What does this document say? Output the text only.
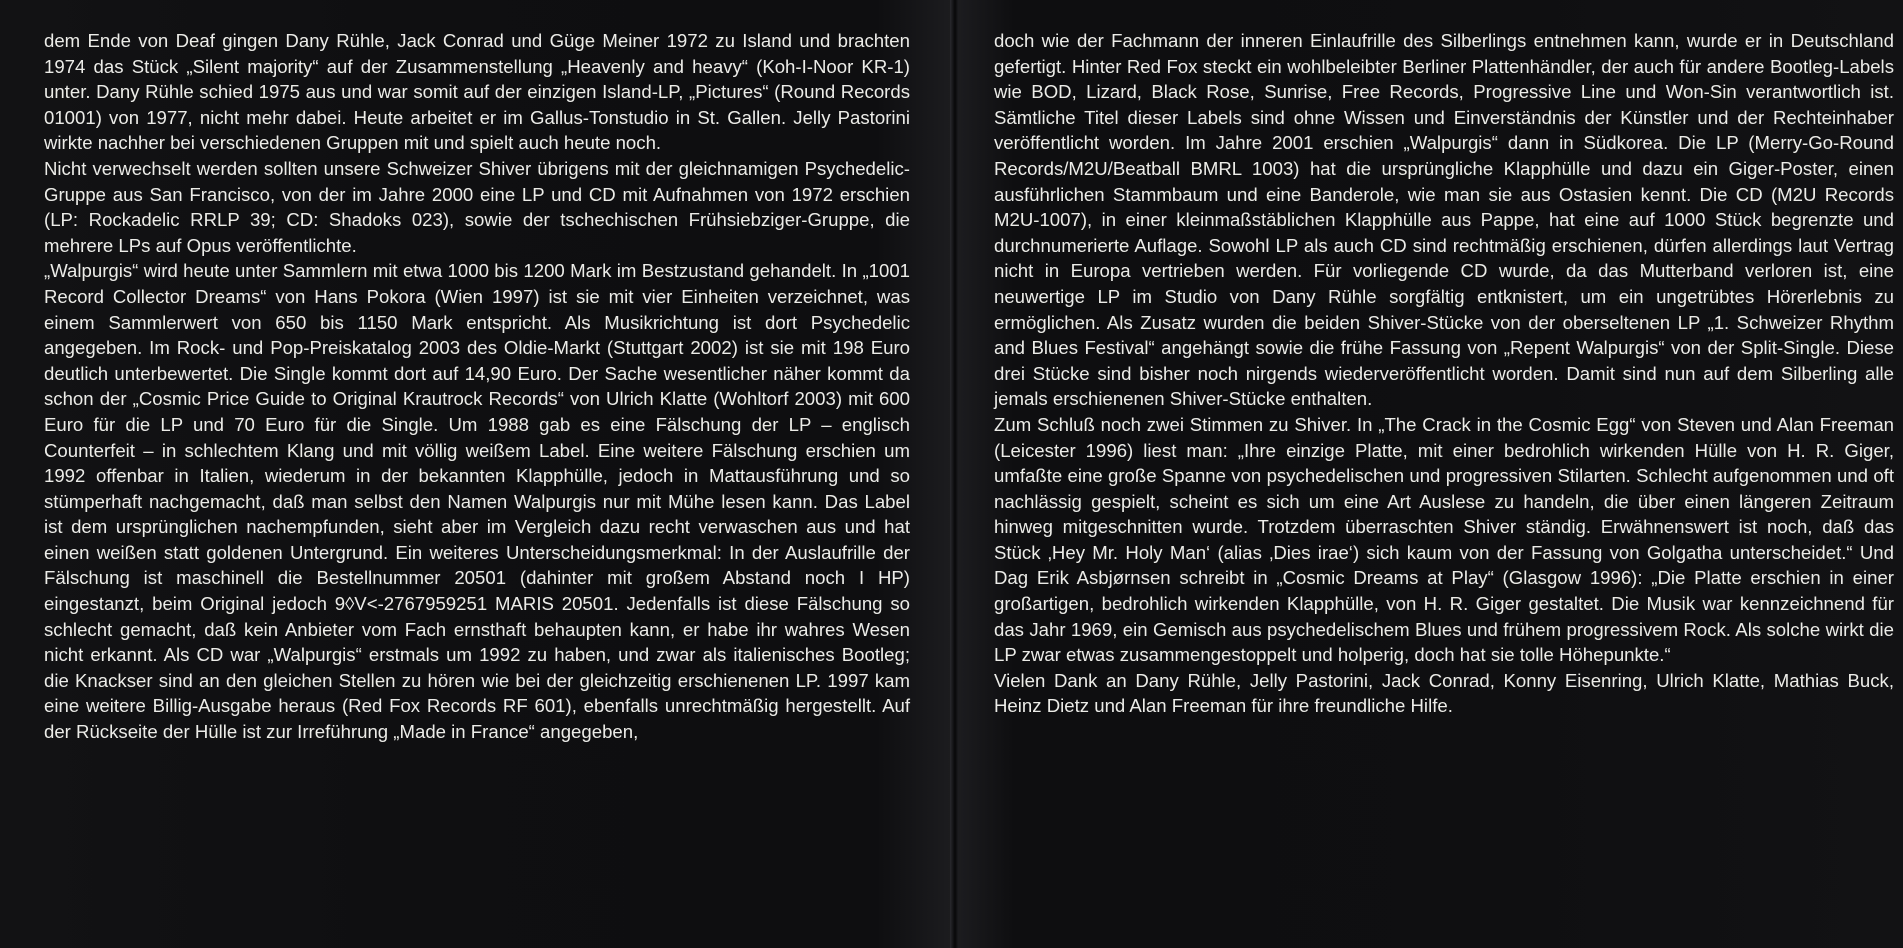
dem Ende von Deaf gingen Dany Rühle, Jack Conrad und Güge Meiner 1972 zu Island und brachten 1974 das Stück „Silent majority“ auf der Zusammenstellung „Heavenly and heavy“ (Koh-I-Noor KR-1) unter. Dany Rühle schied 1975 aus und war somit auf der einzigen Island-LP, „Pictures“ (Round Records 01001) von 1977, nicht mehr dabei. Heute arbeitet er im Gallus-Tonstudio in St. Gallen. Jelly Pastorini wirkte nachher bei verschiedenen Gruppen mit und spielt auch heute noch.

Nicht verwechselt werden sollten unsere Schweizer Shiver übrigens mit der gleichnamigen Psychedelic-Gruppe aus San Francisco, von der im Jahre 2000 eine LP und CD mit Aufnahmen von 1972 erschien (LP: Rockadelic RRLP 39; CD: Shadoks 023), sowie der tschechischen Frühsiebziger-Gruppe, die mehrere LPs auf Opus veröffentlichte.

„Walpurgis“ wird heute unter Sammlern mit etwa 1000 bis 1200 Mark im Bestzustand gehandelt. In „1001 Record Collector Dreams“ von Hans Pokora (Wien 1997) ist sie mit vier Einheiten verzeichnet, was einem Sammlerwert von 650 bis 1150 Mark entspricht. Als Musikrichtung ist dort Psychedelic angegeben. Im Rock- und Pop-Preiskatalog 2003 des Oldie-Markt (Stuttgart 2002) ist sie mit 198 Euro deutlich unterbewertet. Die Single kommt dort auf 14,90 Euro. Der Sache wesentlicher näher kommt da schon der „Cosmic Price Guide to Original Krautrock Records“ von Ulrich Klatte (Wohltorf 2003) mit 600 Euro für die LP und 70 Euro für die Single. Um 1988 gab es eine Fälschung der LP – englisch Counterfeit – in schlechtem Klang und mit völlig weißem Label. Eine weitere Fälschung erschien um 1992 offenbar in Italien, wiederum in der bekannten Klapphülle, jedoch in Mattausführung und so stümperhaft nachgemacht, daß man selbst den Namen Walpurgis nur mit Mühe lesen kann. Das Label ist dem ursprünglichen nachempfunden, sieht aber im Vergleich dazu recht verwaschen aus und hat einen weißen statt goldenen Untergrund. Ein weiteres Unterscheidungsmerkmal: In der Auslaufrille der Fälschung ist maschinell die Bestellnummer 20501 (dahinter mit großem Abstand noch I HP) eingestanzt, beim Original jedoch 9◊V<-2767959251 MARIS 20501. Jedenfalls ist diese Fälschung so schlecht gemacht, daß kein Anbieter vom Fach ernsthaft behaupten kann, er habe ihr wahres Wesen nicht erkannt. Als CD war „Walpurgis“ erstmals um 1992 zu haben, und zwar als italienisches Bootleg; die Knackser sind an den gleichen Stellen zu hören wie bei der gleichzeitig erschienenen LP. 1997 kam eine weitere Billig-Ausgabe heraus (Red Fox Records RF 601), ebenfalls unrechtmäßig hergestellt. Auf der Rückseite der Hülle ist zur Irreführung „Made in France“ angegeben,

doch wie der Fachmann der inneren Einlaufrille des Silberlings entnehmen kann, wurde er in Deutschland gefertigt. Hinter Red Fox steckt ein wohlbeleibter Berliner Plattenhändler, der auch für andere Bootleg-Labels wie BOD, Lizard, Black Rose, Sunrise, Free Records, Progressive Line und Won-Sin verantwortlich ist. Sämtliche Titel dieser Labels sind ohne Wissen und Einverständnis der Künstler und der Rechteinhaber veröffentlicht worden. Im Jahre 2001 erschien „Walpurgis“ dann in Südkorea. Die LP (Merry-Go-Round Records/M2U/Beatball BMRL 1003) hat die ursprüngliche Klapphülle und dazu ein Giger-Poster, einen ausführlichen Stammbaum und eine Banderole, wie man sie aus Ostasien kennt. Die CD (M2U Records M2U-1007), in einer kleinmaßstäblichen Klapphülle aus Pappe, hat eine auf 1000 Stück begrenzte und durchnumerierte Auflage. Sowohl LP als auch CD sind rechtmäßig erschienen, dürfen allerdings laut Vertrag nicht in Europa vertrieben werden. Für vorliegende CD wurde, da das Mutterband verloren ist, eine neuwertige LP im Studio von Dany Rühle sorgfältig entknistert, um ein ungetrübtes Hörerlebnis zu ermöglichen. Als Zusatz wurden die beiden Shiver-Stücke von der oberseltenen LP „1. Schweizer Rhythm and Blues Festival“ angehängt sowie die frühe Fassung von „Repent Walpurgis“ von der Split-Single. Diese drei Stücke sind bisher noch nirgends wiederveröffentlicht worden. Damit sind nun auf dem Silberling alle jemals erschienenen Shiver-Stücke enthalten.

Zum Schluß noch zwei Stimmen zu Shiver. In „The Crack in the Cosmic Egg“ von Steven und Alan Freeman (Leicester 1996) liest man: „Ihre einzige Platte, mit einer bedrohlich wirkenden Hülle von H. R. Giger, umfaßte eine große Spanne von psychedelischen und progressiven Stilarten. Schlecht aufgenommen und oft nachlässig gespielt, scheint es sich um eine Art Auslese zu handeln, die über einen längeren Zeitraum hinweg mitgeschnitten wurde. Trotzdem überraschten Shiver ständig. Erwähnenswert ist noch, daß das Stück ‚Hey Mr. Holy Man‘ (alias ‚Dies irae‘) sich kaum von der Fassung von Golgatha unterscheidet.“ Und Dag Erik Asbjørnsen schreibt in „Cosmic Dreams at Play“ (Glasgow 1996): „Die Platte erschien in einer großartigen, bedrohlich wirkenden Klapphülle, von H. R. Giger gestaltet. Die Musik war kennzeichnend für das Jahr 1969, ein Gemisch aus psychedelischem Blues und frühem progressivem Rock. Als solche wirkt die LP zwar etwas zusammengestoppelt und holperig, doch hat sie tolle Höhepunkte.“

Vielen Dank an Dany Rühle, Jelly Pastorini, Jack Conrad, Konny Eisenring, Ulrich Klatte, Mathias Buck, Heinz Dietz und Alan Freeman für ihre freundliche Hilfe.
